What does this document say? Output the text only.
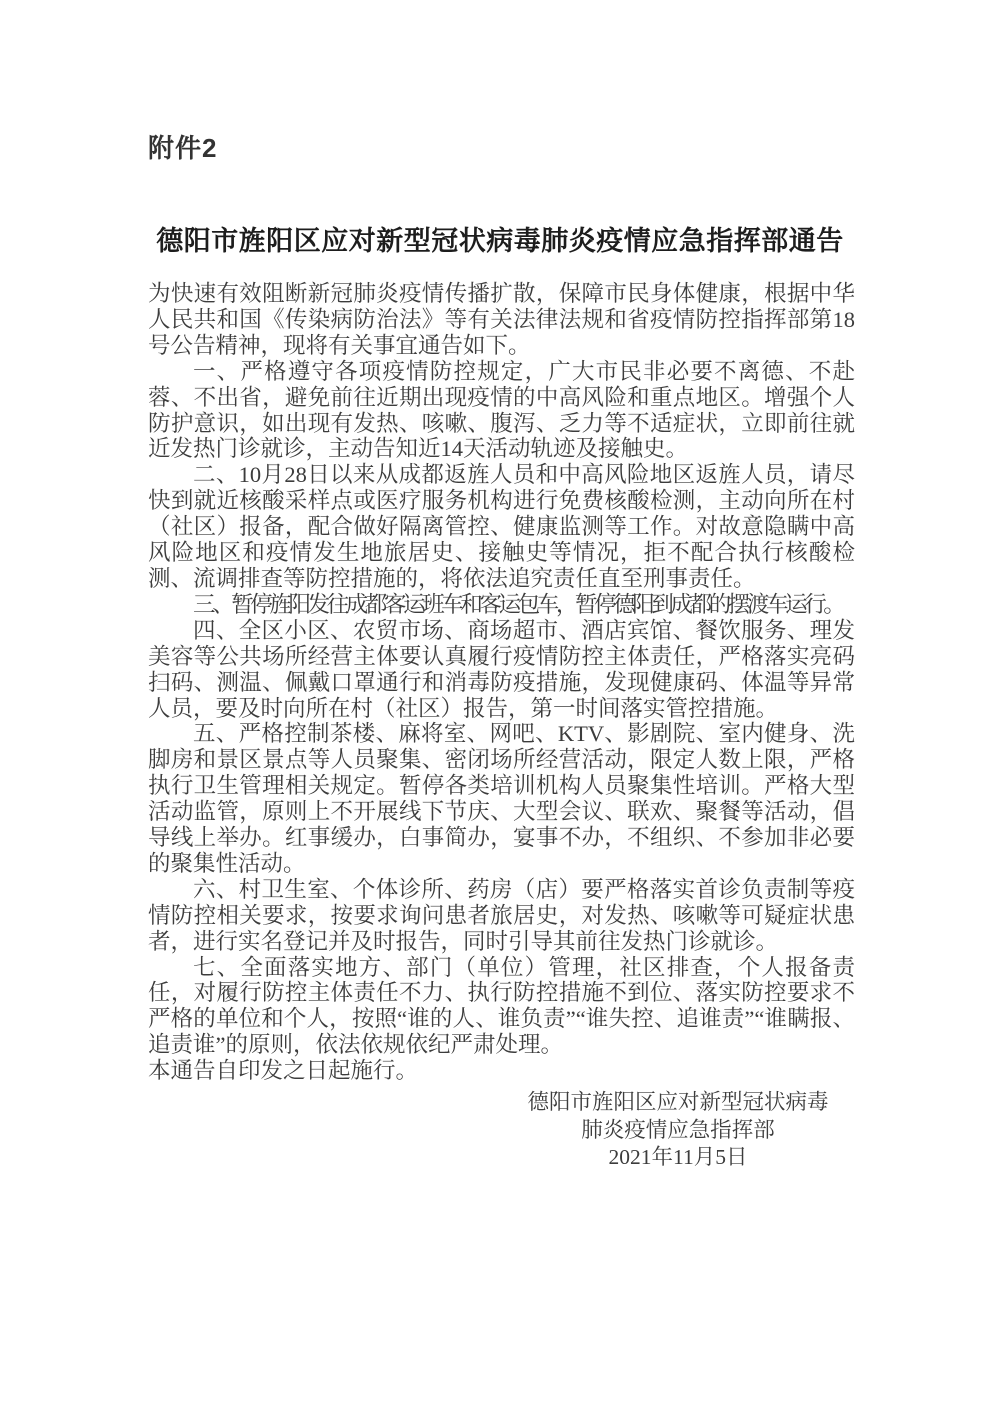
附件2
德阳市旌阳区应对新型冠状病毒肺炎疫情应急指挥部通告

为快速有效阻断新冠肺炎疫情传播扩散，保障市民身体健康，根据中华人民共和国《传染病防治法》等有关法律法规和省疫情防控指挥部第18号公告精神，现将有关事宜通告如下。

一、严格遵守各项疫情防控规定，广大市民非必要不离德、不赴蓉、不出省，避免前往近期出现疫情的中高风险和重点地区。增强个人防护意识，如出现有发热、咳嗽、腹泻、乏力等不适症状，立即前往就近发热门诊就诊，主动告知近14天活动轨迹及接触史。

二、10月28日以来从成都返旌人员和中高风险地区返旌人员，请尽快到就近核酸采样点或医疗服务机构进行免费核酸检测，主动向所在村（社区）报备，配合做好隔离管控、健康监测等工作。对故意隐瞒中高风险地区和疫情发生地旅居史、接触史等情况，拒不配合执行核酸检测、流调排查等防控措施的，将依法追究责任直至刑事责任。

三、暂停旌阳发往成都客运班车和客运包车，暂停德阳到成都的摆渡车运行。

四、全区小区、农贸市场、商场超市、酒店宾馆、餐饮服务、理发美容等公共场所经营主体要认真履行疫情防控主体责任，严格落实亮码扫码、测温、佩戴口罩通行和消毒防疫措施，发现健康码、体温等异常人员，要及时向所在村（社区）报告，第一时间落实管控措施。

五、严格控制茶楼、麻将室、网吧、KTV、影剧院、室内健身、洗脚房和景区景点等人员聚集、密闭场所经营活动，限定人数上限，严格执行卫生管理相关规定。暂停各类培训机构人员聚集性培训。严格大型活动监管，原则上不开展线下节庆、大型会议、联欢、聚餐等活动，倡导线上举办。红事缓办，白事简办，宴事不办，不组织、不参加非必要的聚集性活动。

六、村卫生室、个体诊所、药房（店）要严格落实首诊负责制等疫情防控相关要求，按要求询问患者旅居史，对发热、咳嗽等可疑症状患者，进行实名登记并及时报告，同时引导其前往发热门诊就诊。

七、全面落实地方、部门（单位）管理，社区排查，个人报备责任，对履行防控主体责任不力、执行防控措施不到位、落实防控要求不严格的单位和个人，按照“谁的人、谁负责”“谁失控、追谁责”“谁瞒报、追责谁”的原则，依法依规依纪严肃处理。

本通告自印发之日起施行。

德阳市旌阳区应对新型冠状病毒
肺炎疫情应急指挥部
2021年11月5日
